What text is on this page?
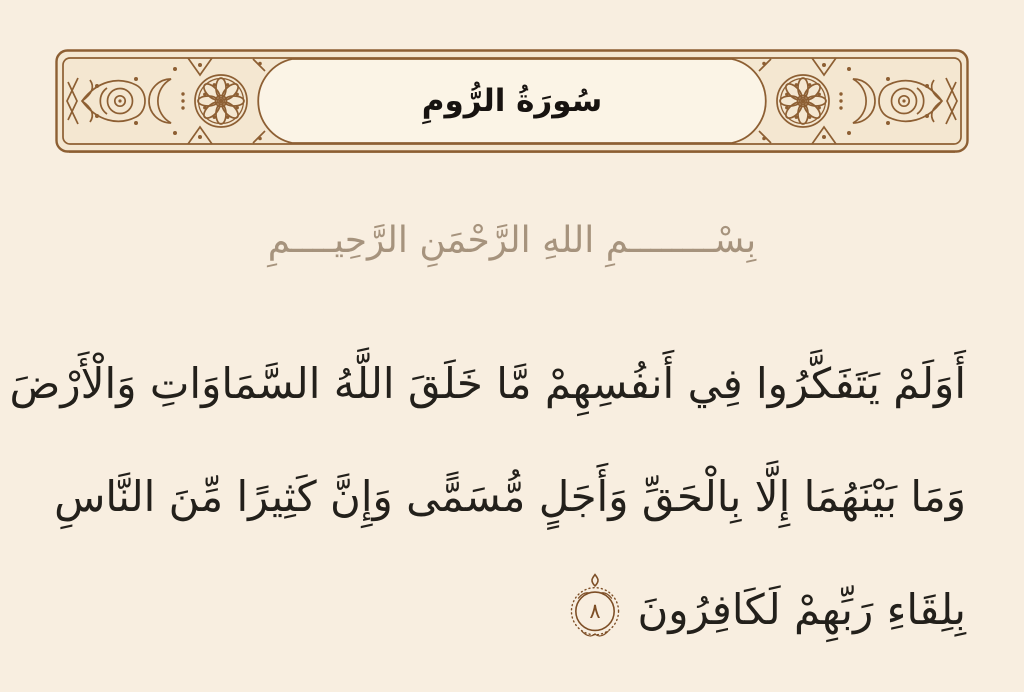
سُورَةُ الرُّومِ
بِسْــــــــمِ اللهِ الرَّحْمَنِ الرَّحِيــــمِ
أَوَلَمْ يَتَفَكَّرُوا فِي أَنفُسِهِمْ مَّا خَلَقَ اللَّهُ السَّمَاوَاتِ وَالْأَرْضَ
وَمَا بَيْنَهُمَا إِلَّا بِالْحَقِّ وَأَجَلٍ مُّسَمًّى وَإِنَّ كَثِيرًا مِّنَ النَّاسِ
بِلِقَاءِ رَبِّهِمْ لَكَافِرُونَ
٨
